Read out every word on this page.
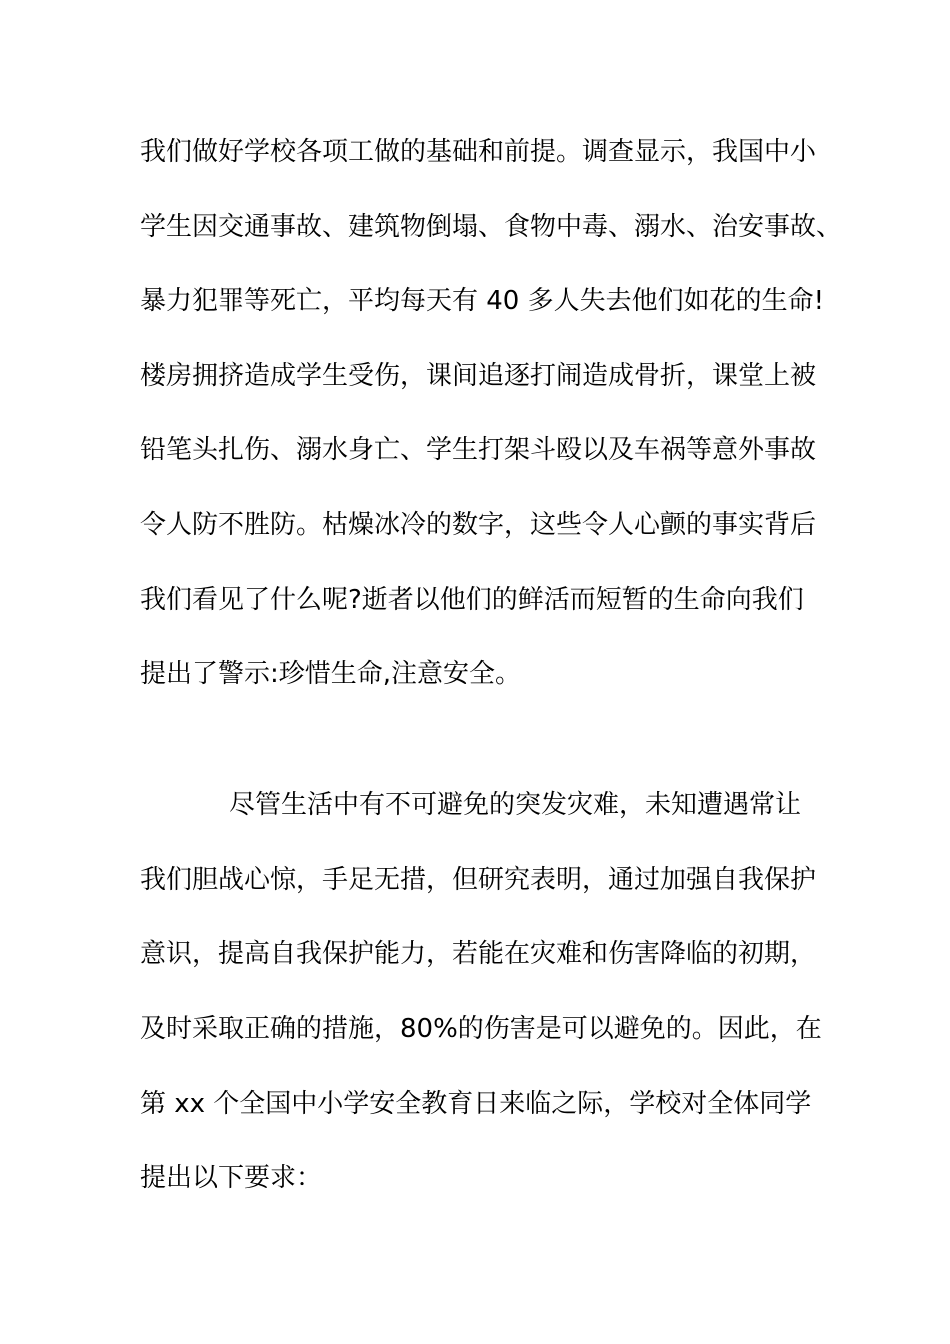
我们做好学校各项工做的基础和前提。调查显示，我国中小
学生因交通事故、建筑物倒塌、食物中毒、溺水、治安事故、
暴力犯罪等死亡，平均每天有 40 多人失去他们如花的生命!
楼房拥挤造成学生受伤，课间追逐打闹造成骨折，课堂上被
铅笔头扎伤、溺水身亡、学生打架斗殴以及车祸等意外事故
令人防不胜防。枯燥冰冷的数字，这些令人心颤的事实背后
我们看见了什么呢?逝者以他们的鲜活而短暂的生命向我们
提出了警示:珍惜生命,注意安全。
尽管生活中有不可避免的突发灾难，未知遭遇常让
我们胆战心惊，手足无措，但研究表明，通过加强自我保护
意识，提高自我保护能力，若能在灾难和伤害降临的初期，
及时采取正确的措施，80%的伤害是可以避免的。因此，在
第 xx 个全国中小学安全教育日来临之际，学校对全体同学
提出以下要求：
